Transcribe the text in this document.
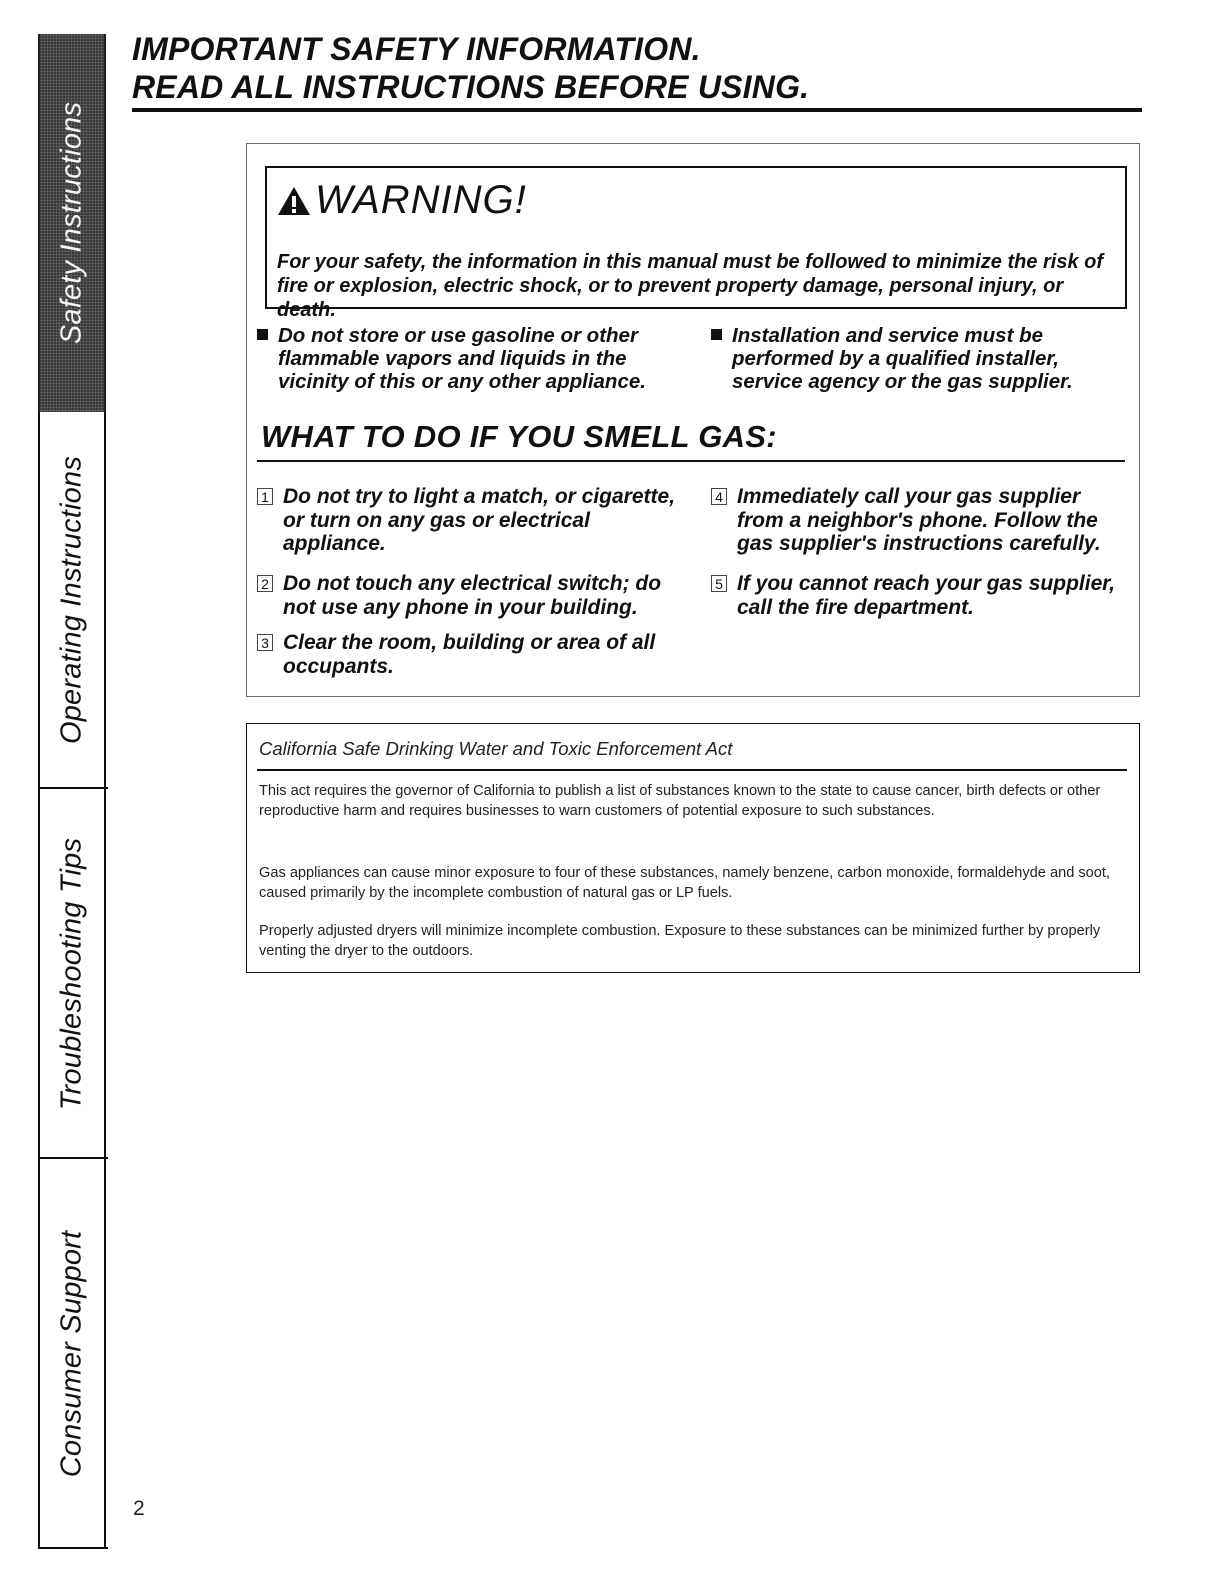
Safety Instructions
Operating Instructions
Troubleshooting Tips
Consumer Support
IMPORTANT SAFETY INFORMATION.
READ ALL INSTRUCTIONS BEFORE USING.
WARNING!
For your safety, the information in this manual must be followed to minimize the risk of fire or explosion, electric shock, or to prevent property damage, personal injury, or death.
Do not store or use gasoline or other flammable vapors and liquids in the vicinity of this or any other appliance.
Installation and service must be performed by a qualified installer, service agency or the gas supplier.
WHAT TO DO IF YOU SMELL GAS:
1 Do not try to light a match, or cigarette, or turn on any gas or electrical appliance.
2 Do not touch any electrical switch; do not use any phone in your building.
3 Clear the room, building or area of all occupants.
4 Immediately call your gas supplier from a neighbor's phone. Follow the gas supplier's instructions carefully.
5 If you cannot reach your gas supplier, call the fire department.
California Safe Drinking Water and Toxic Enforcement Act
This act requires the governor of California to publish a list of substances known to the state to cause cancer, birth defects or other reproductive harm and requires businesses to warn customers of potential exposure to such substances.
Gas appliances can cause minor exposure to four of these substances, namely benzene, carbon monoxide, formaldehyde and soot, caused primarily by the incomplete combustion of natural gas or LP fuels.
Properly adjusted dryers will minimize incomplete combustion. Exposure to these substances can be minimized further by properly venting the dryer to the outdoors.
2
